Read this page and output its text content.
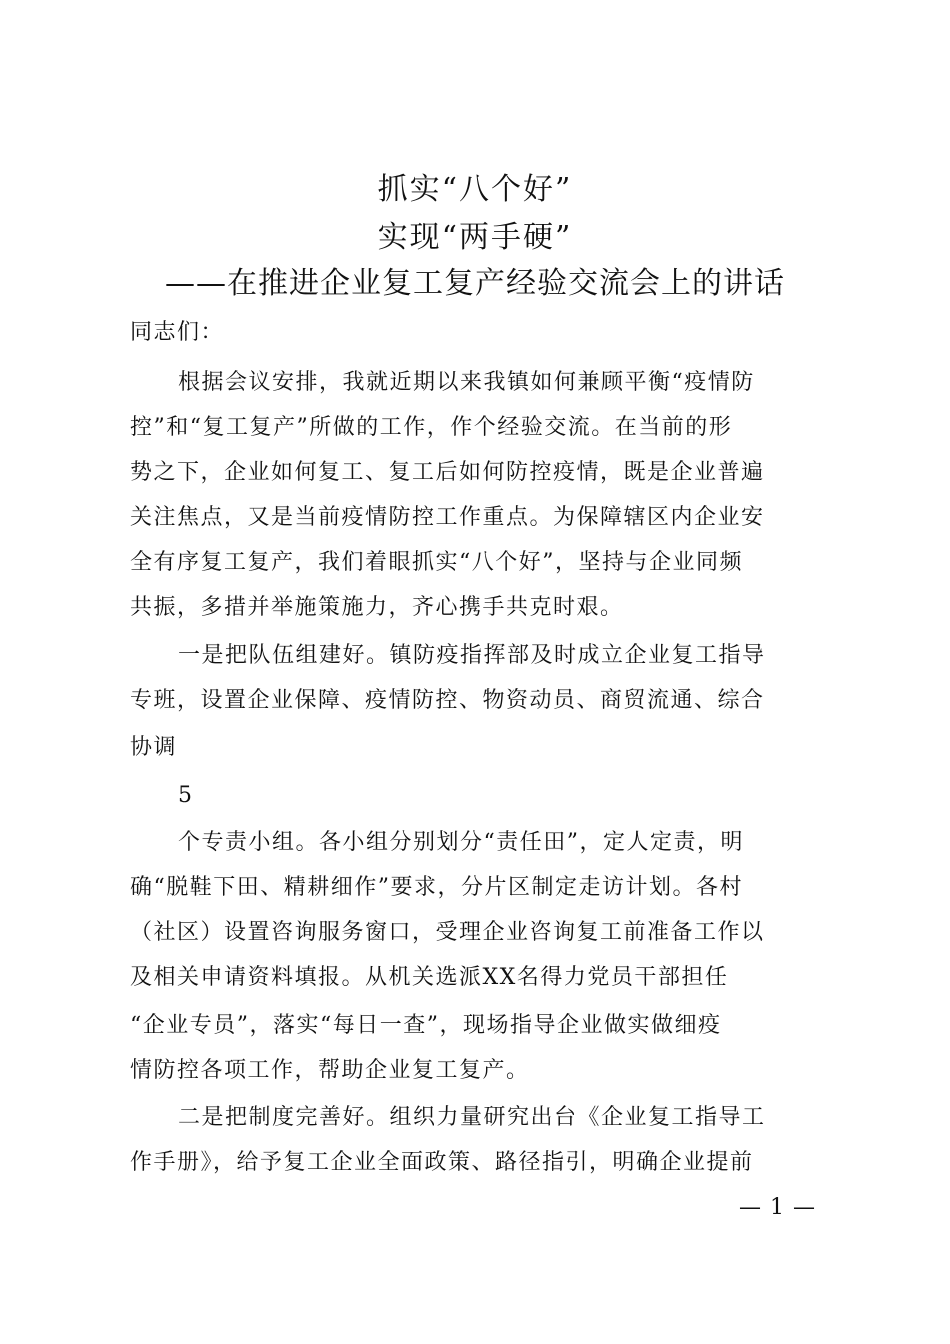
抓实“八个好”
实现“两手硬”
——在推进企业复工复产经验交流会上的讲话
同志们：
根据会议安排，我就近期以来我镇如何兼顾平衡“疫情防
控”和“复工复产”所做的工作，作个经验交流。在当前的形
势之下，企业如何复工、复工后如何防控疫情，既是企业普遍
关注焦点，又是当前疫情防控工作重点。为保障辖区内企业安
全有序复工复产，我们着眼抓实“八个好”，坚持与企业同频
共振，多措并举施策施力，齐心携手共克时艰。
一是把队伍组建好。镇防疫指挥部及时成立企业复工指导
专班，设置企业保障、疫情防控、物资动员、商贸流通、综合
协调
5
个专责小组。各小组分别划分“责任田”，定人定责，明
确“脱鞋下田、精耕细作”要求，分片区制定走访计划。各村
（社区）设置咨询服务窗口，受理企业咨询复工前准备工作以
及相关申请资料填报。从机关选派XX名得力党员干部担任
“企业专员”，落实“每日一查”，现场指导企业做实做细疫
情防控各项工作，帮助企业复工复产。
二是把制度完善好。组织力量研究出台《企业复工指导工
作手册》，给予复工企业全面政策、路径指引，明确企业提前
— 1 —
